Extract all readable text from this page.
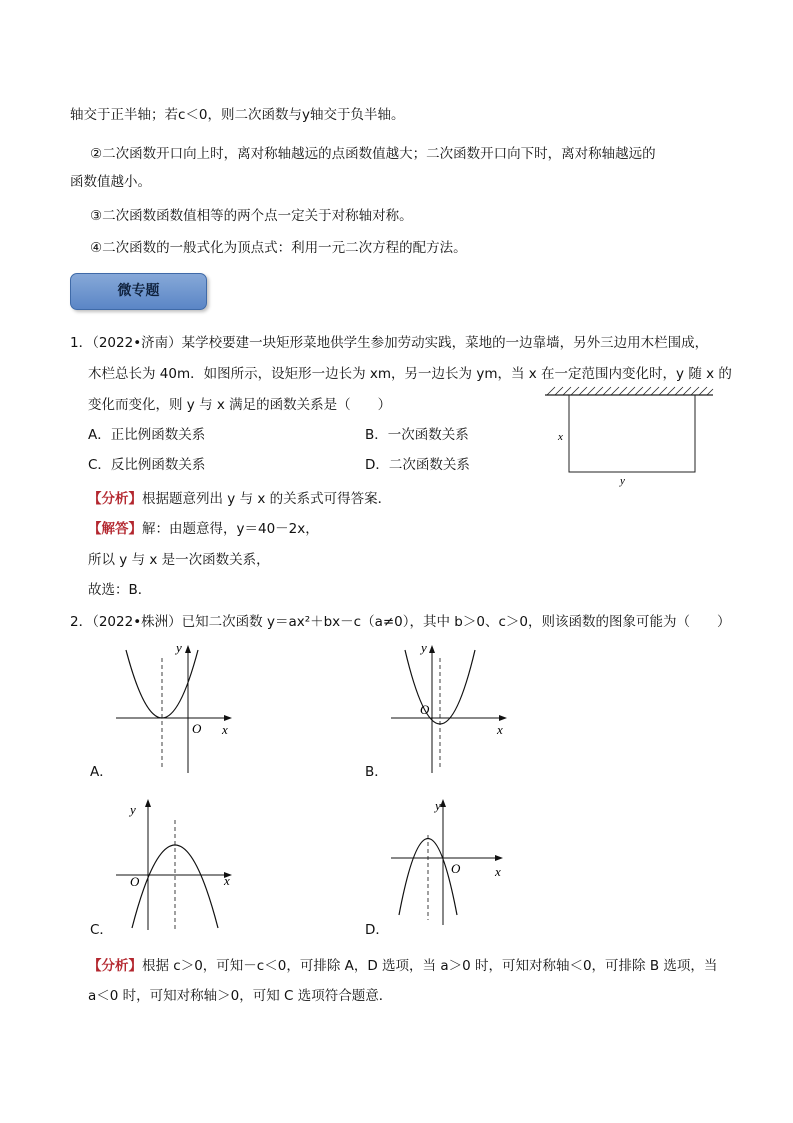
轴交于正半轴；若c＜0，则二次函数与y轴交于负半轴。
②二次函数开口向上时，离对称轴越远的点函数值越大；二次函数开口向下时，离对称轴越远的
函数值越小。
③二次函数函数值相等的两个点一定关于对称轴对称。
④二次函数的一般式化为顶点式：利用一元二次方程的配方法。
微专题
1．（2022•济南）某学校要建一块矩形菜地供学生参加劳动实践，菜地的一边靠墙，另外三边用木栏围成，
木栏总长为 40m．如图所示，设矩形一边长为 xm，另一边长为 ym，当 x 在一定范围内变化时，y 随 x 的
变化而变化，则 y 与 x 满足的函数关系是（　　）
A．正比例函数关系	B．一次函数关系
C．反比例函数关系	D．二次函数关系
x
y
【分析】根据题意列出 y 与 x 的关系式可得答案．
【解答】解：由题意得，y＝40－2x，
所以 y 与 x 是一次函数关系，
故选：B．
2．（2022•株洲）已知二次函数 y＝ax²＋bx－c（a≠0），其中 b＞0、c＞0，则该函数的图象可能为（　　）
y
x
O
A．
y
x
O
B．
y
x
O
C．
y
x
O
D．
【分析】根据 c＞0，可知－c＜0，可排除 A，D 选项，当 a＞0 时，可知对称轴＜0，可排除 B 选项，当
a＜0 时，可知对称轴＞0，可知 C 选项符合题意．
